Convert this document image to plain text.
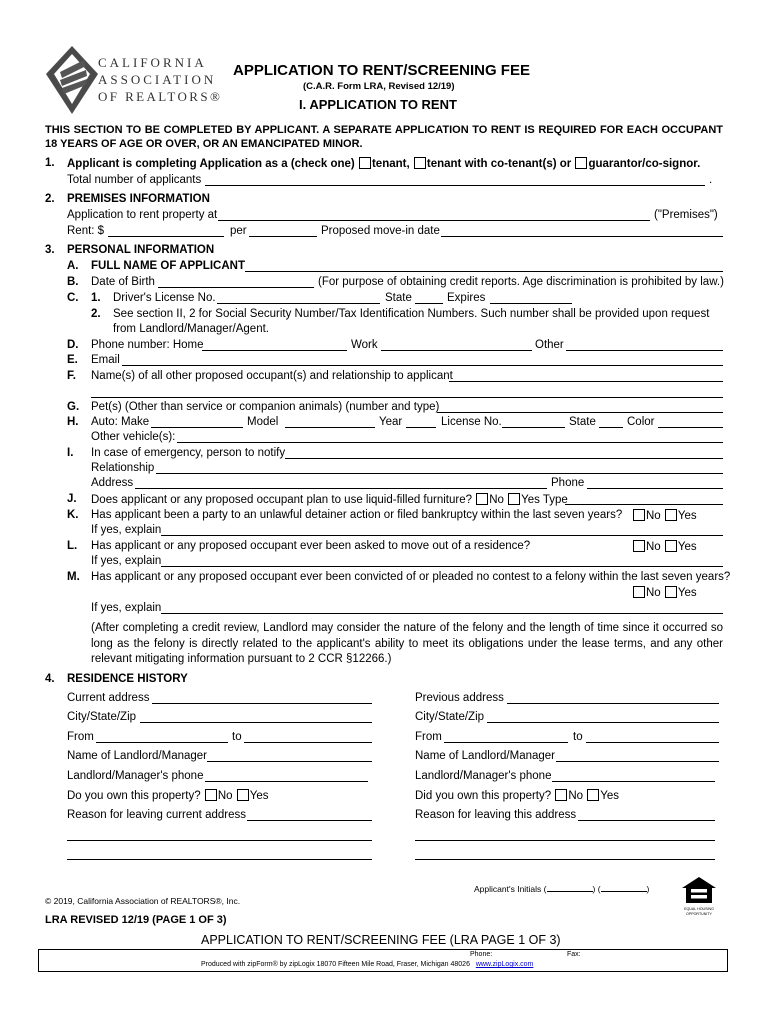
CALIFORNIA
ASSOCIATION
OF REALTORS®
APPLICATION TO RENT/SCREENING FEE
(C.A.R. Form LRA, Revised 12/19)
I. APPLICATION TO RENT
THIS SECTION TO BE COMPLETED BY APPLICANT. A SEPARATE APPLICATION TO RENT IS REQUIRED FOR EACH OCCUPANT 18 YEARS OF AGE OR OVER, OR AN EMANCIPATED MINOR.
1. Applicant is completing Application as a (check one) tenant, tenant with co-tenant(s) or guarantor/co-signor.
Total number of applicants	.
2. PREMISES INFORMATION
Application to rent property at	("Premises")
Rent: $	per	Proposed move-in date
3. PERSONAL INFORMATION
A. FULL NAME OF APPLICANT
B. Date of Birth	(For purpose of obtaining credit reports. Age discrimination is prohibited by law.)
C. 1. Driver's License No.	State	Expires
2. See section II, 2 for Social Security Number/Tax Identification Numbers. Such number shall be provided upon request
from Landlord/Manager/Agent.
D. Phone number: Home	Work	Other
E. Email
F. Name(s) of all other proposed occupant(s) and relationship to applicant
G. Pet(s) (Other than service or companion animals) (number and type)
H. Auto: Make	Model	Year	License No.	State	Color
Other vehicle(s):
I. In case of emergency, person to notify
Relationship
Address	Phone
J. Does applicant or any proposed occupant plan to use liquid-filled furniture? No Yes Type
K. Has applicant been a party to an unlawful detainer action or filed bankruptcy within the last seven years?	No Yes
If yes, explain
L. Has applicant or any proposed occupant ever been asked to move out of a residence?	No Yes
If yes, explain
M. Has applicant or any proposed occupant ever been convicted of or pleaded no contest to a felony within the last seven years?
No Yes
If yes, explain
(After completing a credit review, Landlord may consider the nature of the felony and the length of time since it occurred so
long as the felony is directly related to the applicant's ability to meet its obligations under the lease terms, and any other
relevant mitigating information pursuant to 2 CCR §12266.)
4. RESIDENCE HISTORY
Current address
City/State/Zip
From	to
Name of Landlord/Manager
Landlord/Manager's phone
Do you own this property? No Yes
Reason for leaving current address
Previous address
City/State/Zip
From	to
Name of Landlord/Manager
Landlord/Manager's phone
Did you own this property? No Yes
Reason for leaving this address
Applicant's Initials (	) (	)
EQUAL HOUSING
OPPORTUNITY
© 2019, California Association of REALTORS®, Inc.
LRA REVISED 12/19 (PAGE 1 OF 3)
APPLICATION TO RENT/SCREENING FEE (LRA PAGE 1 OF 3)
Phone:	Fax:
Produced with zipForm® by zipLogix 18070 Fifteen Mile Road, Fraser, Michigan 48026 www.zipLogix.com
